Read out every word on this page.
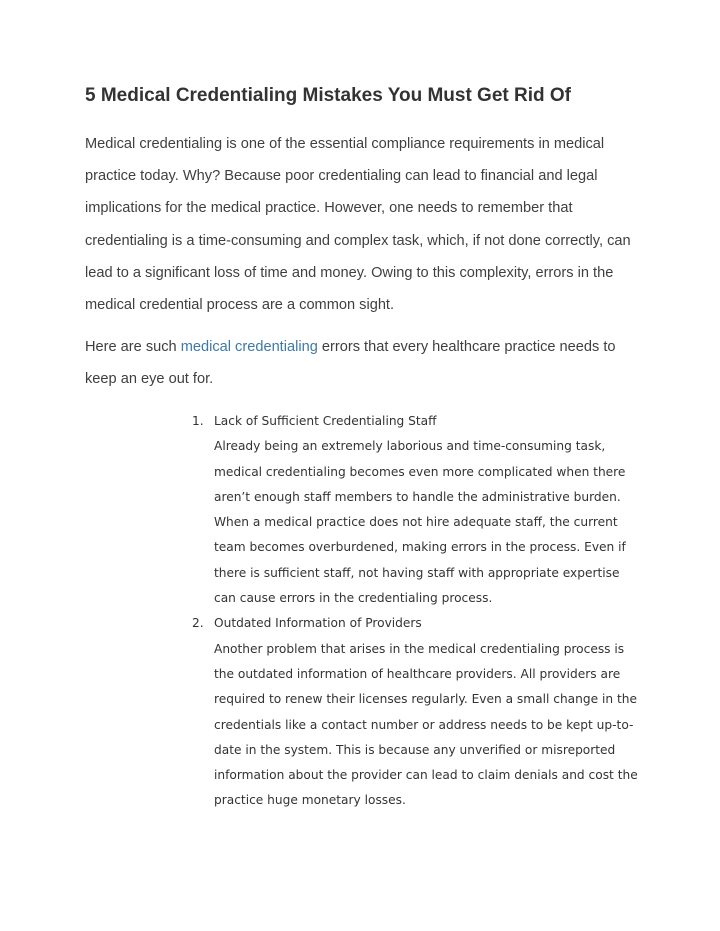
5 Medical Credentialing Mistakes You Must Get Rid Of

Medical credentialing is one of the essential compliance requirements in medical practice today. Why? Because poor credentialing can lead to financial and legal implications for the medical practice. However, one needs to remember that credentialing is a time-consuming and complex task, which, if not done correctly, can lead to a significant loss of time and money. Owing to this complexity, errors in the medical credential process are a common sight.

Here are such medical credentialing errors that every healthcare practice needs to keep an eye out for.

1. Lack of Sufficient Credentialing Staff
Already being an extremely laborious and time-consuming task, medical credentialing becomes even more complicated when there aren’t enough staff members to handle the administrative burden. When a medical practice does not hire adequate staff, the current team becomes overburdened, making errors in the process. Even if there is sufficient staff, not having staff with appropriate expertise can cause errors in the credentialing process.
2. Outdated Information of Providers
Another problem that arises in the medical credentialing process is the outdated information of healthcare providers. All providers are required to renew their licenses regularly. Even a small change in the credentials like a contact number or address needs to be kept up-to-date in the system. This is because any unverified or misreported information about the provider can lead to claim denials and cost the practice huge monetary losses.
